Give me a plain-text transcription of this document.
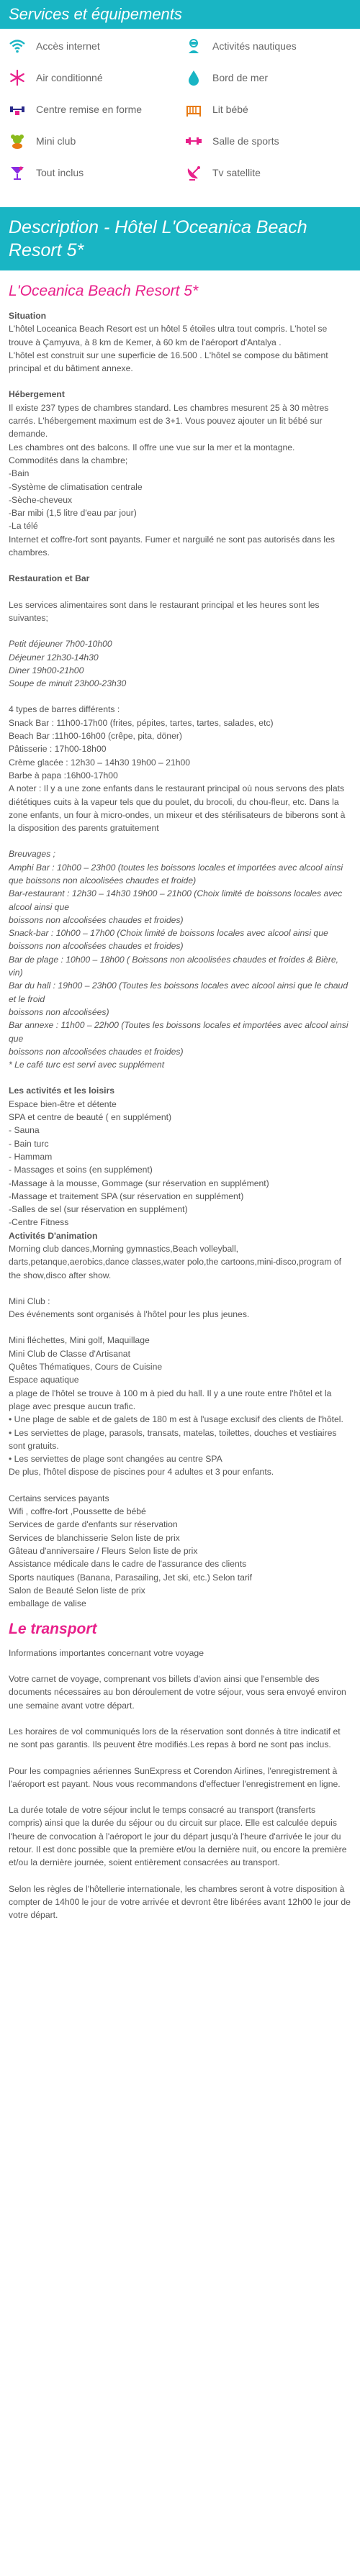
Services et équipements
Accès internet	Activités nautiques
Air conditionné	Bord de mer
Centre remise en forme	Lit bébé
Mini club	Salle de sports
Tout inclus	Tv satellite
Description - Hôtel L'Oceanica Beach Resort 5*
L'Oceanica Beach Resort 5*
Situation
L'hôtel Loceanica Beach Resort est un hôtel 5 étoiles ultra tout compris. L'hotel se trouve à Çamyuva, à 8 km de Kemer, à 60 km de l'aéroport d'Antalya .
L'hôtel est construit sur une superficie de 16.500 . L'hôtel se compose du bâtiment principal et du bâtiment annexe.
Hébergement
Il existe 237 types de chambres standard. Les chambres mesurent 25 à 30 mètres carrés. L'hébergement maximum est de 3+1. Vous pouvez ajouter un lit bébé sur demande.
Les chambres ont des balcons. Il offre une vue sur la mer et la montagne.
Commodités dans la chambre;
-Bain
-Système de climatisation centrale
-Sèche-cheveux
-Bar mibi (1,5 litre d'eau par jour)
-La télé
Internet et coffre-fort sont payants. Fumer et narguilé ne sont pas autorisés dans les chambres.
Restauration et Bar
Les services alimentaires sont dans le restaurant principal et les heures sont les suivantes;
Petit déjeuner 7h00-10h00
Déjeuner 12h30-14h30
Diner 19h00-21h00
Soupe de minuit 23h00-23h30
4 types de barres différents :
Snack Bar : 11h00-17h00 (frites, pépites, tartes, tartes, salades, etc)
Beach Bar :11h00-16h00 (crêpe, pita, döner)
Pâtisserie : 17h00-18h00
Crème glacée : 12h30 – 14h30 19h00 – 21h00
Barbe à papa :16h00-17h00
A noter : Il y a une zone enfants dans le restaurant principal où nous servons des plats diététiques cuits à la vapeur tels que du poulet, du brocoli, du chou-fleur, etc. Dans la zone enfants, un four à micro-ondes, un mixeur et des stérilisateurs de biberons sont à la disposition des parents gratuitement
Breuvages ;
Amphi Bar : 10h00 – 23h00 (toutes les boissons locales et importées avec alcool ainsi que boissons non alcoolisées chaudes et froide)
Bar-restaurant : 12h30 – 14h30 19h00 – 21h00 (Choix limité de boissons locales avec alcool ainsi que
boissons non alcoolisées chaudes et froides)
Snack-bar : 10h00 – 17h00 (Choix limité de boissons locales avec alcool ainsi que
boissons non alcoolisées chaudes et froides)
Bar de plage : 10h00 – 18h00 ( Boissons non alcoolisées chaudes et froides & Bière, vin)
Bar du hall : 19h00 – 23h00 (Toutes les boissons locales avec alcool ainsi que le chaud et le froid
boissons non alcoolisées)
Bar annexe : 11h00 – 22h00 (Toutes les boissons locales et importées avec alcool ainsi que
boissons non alcoolisées chaudes et froides)
* Le café turc est servi avec supplément
Les activités et les loisirs
Espace bien-être et détente
SPA et centre de beauté ( en supplément)
- Sauna
- Bain turc
- Hammam
- Massages et soins (en supplément)
-Massage à la mousse, Gommage (sur réservation en supplément)
-Massage et traitement SPA (sur réservation en supplément)
-Salles de sel (sur réservation en supplément)
-Centre Fitness
Activités D'animation
Morning club dances,Morning gymnastics,Beach volleyball, darts,petanque,aerobics,dance classes,water polo,the cartoons,mini-disco,program of the show,disco after show.
Mini Club :
Des événements sont organisés à l'hôtel pour les plus jeunes.
Mini fléchettes, Mini golf, Maquillage
Mini Club de Classe d'Artisanat
Quêtes Thématiques, Cours de Cuisine
Espace aquatique
a plage de l'hôtel se trouve à 100 m à pied du hall. Il y a une route entre l'hôtel et la plage avec presque aucun trafic.
• Une plage de sable et de galets de 180 m est à l'usage exclusif des clients de l'hôtel.
• Les serviettes de plage, parasols, transats, matelas, toilettes, douches et vestiaires sont gratuits.
• Les serviettes de plage sont changées au centre SPA
De plus, l'hôtel dispose de piscines pour 4 adultes et 3 pour enfants.
Certains services payants
Wifi , coffre-fort ,Poussette de bébé
Services de garde d'enfants sur réservation
Services de blanchisserie Selon liste de prix
Gâteau d'anniversaire / Fleurs Selon liste de prix
Assistance médicale dans le cadre de l'assurance des clients
Sports nautiques (Banana, Parasailing, Jet ski, etc.) Selon tarif
Salon de Beauté Selon liste de prix
emballage de valise
Le transport
Informations importantes concernant votre voyage
Votre carnet de voyage, comprenant vos billets d'avion ainsi que l'ensemble des documents nécessaires au bon déroulement de votre séjour, vous sera envoyé environ une semaine avant votre départ.
Les horaires de vol communiqués lors de la réservation sont donnés à titre indicatif et ne sont pas garantis. Ils peuvent être modifiés.Les repas à bord ne sont pas inclus.
Pour les compagnies aériennes SunExpress et Corendon Airlines, l'enregistrement à l'aéroport est payant. Nous vous recommandons d'effectuer l'enregistrement en ligne.
La durée totale de votre séjour inclut le temps consacré au transport (transferts compris) ainsi que la durée du séjour ou du circuit sur place. Elle est calculée depuis l'heure de convocation à l'aéroport le jour du départ jusqu'à l'heure d'arrivée le jour du retour. Il est donc possible que la première et/ou la dernière nuit, ou encore la première et/ou la dernière journée, soient entièrement consacrées au transport.
Selon les règles de l'hôtellerie internationale, les chambres seront à votre disposition à compter de 14h00 le jour de votre arrivée et devront être libérées avant 12h00 le jour de votre départ.
